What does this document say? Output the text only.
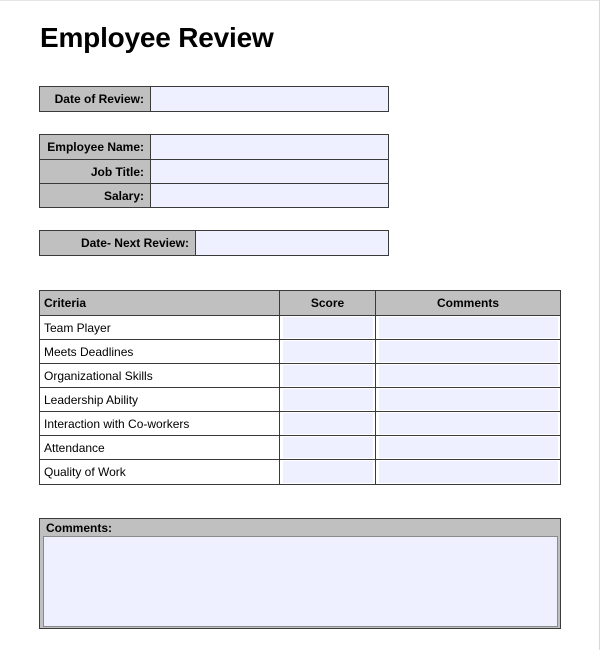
Employee Review
Date of Review:
Employee Name:
Job Title:
Salary:
Date- Next Review:
Criteria	Score	Comments
Team Player
Meets Deadlines
Organizational Skills
Leadership Ability
Interaction with Co-workers
Attendance
Quality of Work
Comments:
